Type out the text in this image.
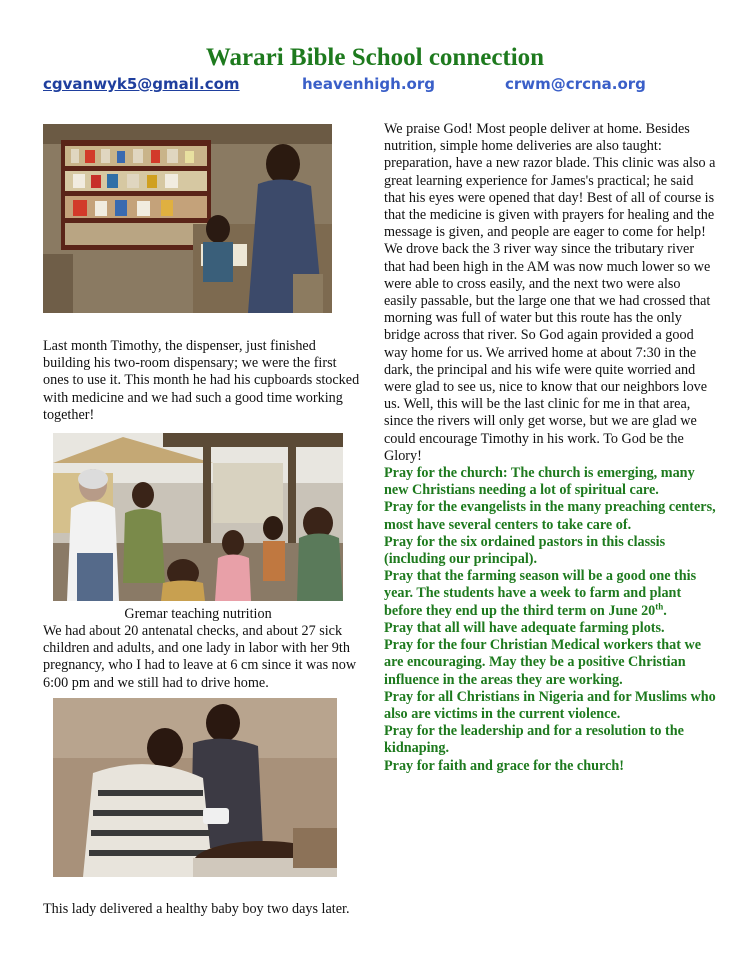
Warari Bible School connection
cgvanwyk5@gmail.com	heavenhigh.org	crwm@crcna.org
Last month Timothy, the dispenser, just finished building his two-room dispensary; we were the first ones to use it. This month he had his cupboards stocked with medicine and we had such a good time working together!
Gremar teaching nutrition
We had about 20 antenatal checks, and about 27 sick children and adults, and one lady in labor with her 9th pregnancy, who I had to leave at 6 cm since it was now 6:00 pm and we still had to drive home.
This lady delivered a healthy baby boy two days later.

We praise God! Most people deliver at home. Besides nutrition, simple home deliveries are also taught: preparation, have a new razor blade. This clinic was also a great learning experience for James's practical; he said that his eyes were opened that day! Best of all of course is that the medicine is given with prayers for healing and the message is given, and people are eager to come for help! We drove back the 3 river way since the tributary river that had been high in the AM was now much lower so we were able to cross easily, and the next two were also easily passable, but the large one that we had crossed that morning was full of water but this route has the only bridge across that river. So God again provided a good way home for us. We arrived home at about 7:30 in the dark, the principal and his wife were quite worried and were glad to see us, nice to know that our neighbors love us. Well, this will be the last clinic for me in that area, since the rivers will only get worse, but we are glad we could encourage Timothy in his work. To God be the Glory!

Pray for the church: The church is emerging, many new Christians needing a lot of spiritual care.

Pray for the evangelists in the many preaching centers, most have several centers to take care of.

Pray for the six ordained pastors in this classis (including our principal).

Pray that the farming season will be a good one this year. The students have a week to farm and plant before they end up the third term on June 20th.

Pray that all will have adequate farming plots.

Pray for the four Christian Medical workers that we are encouraging. May they be a positive Christian influence in the areas they are working.

Pray for all Christians in Nigeria and for Muslims who also are victims in the current violence.

Pray for the leadership and for a resolution to the kidnaping.

Pray for faith and grace for the church!
